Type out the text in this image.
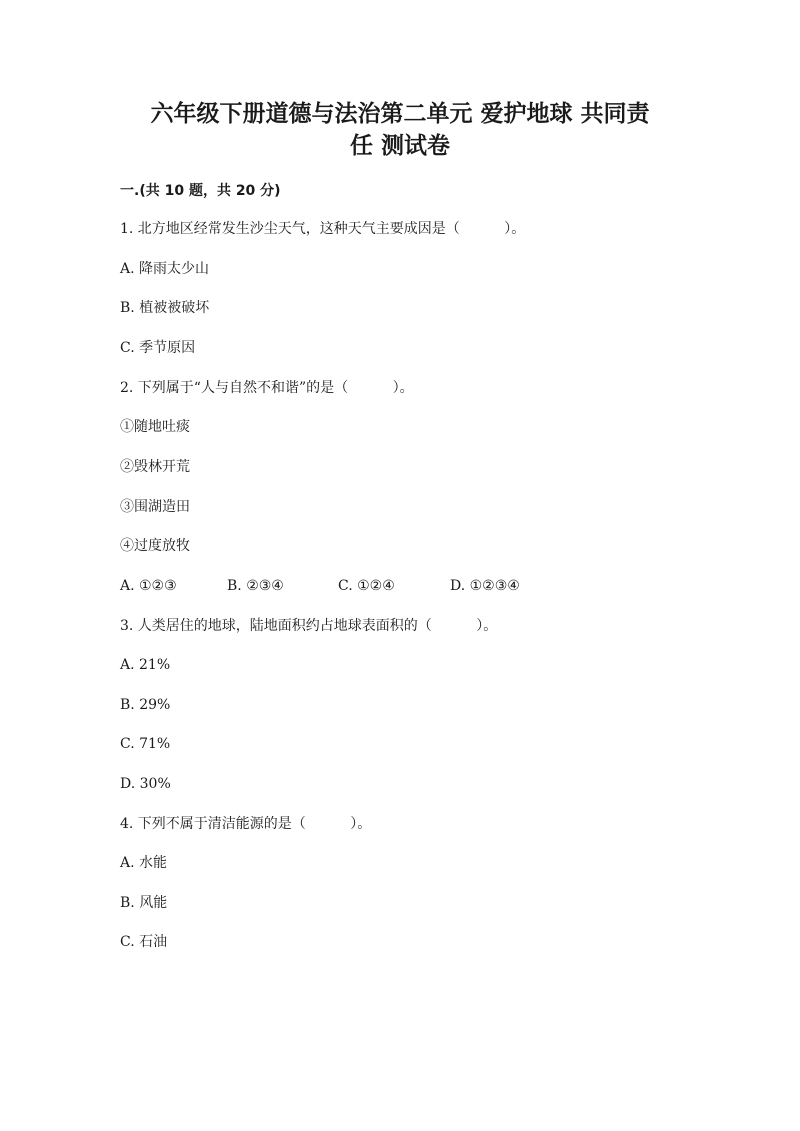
六年级下册道德与法治第二单元 爱护地球 共同责
任 测试卷
一.(共 10 题，共 20 分)
1. 北方地区经常发生沙尘天气，这种天气主要成因是（          ）。
A. 降雨太少山
B. 植被被破坏
C. 季节原因
2. 下列属于“人与自然不和谐”的是（          ）。
①随地吐痰
②毁林开荒
③围湖造田
④过度放牧

A. ①②③

	B. ②③④

	C. ①②④

	D. ①②③④

3. 人类居住的地球，陆地面积约占地球表面积的（          ）。
A. 21%
B. 29%
C. 71%
D. 30%
4. 下列不属于清洁能源的是（          ）。
A. 水能
B. 风能
C. 石油
